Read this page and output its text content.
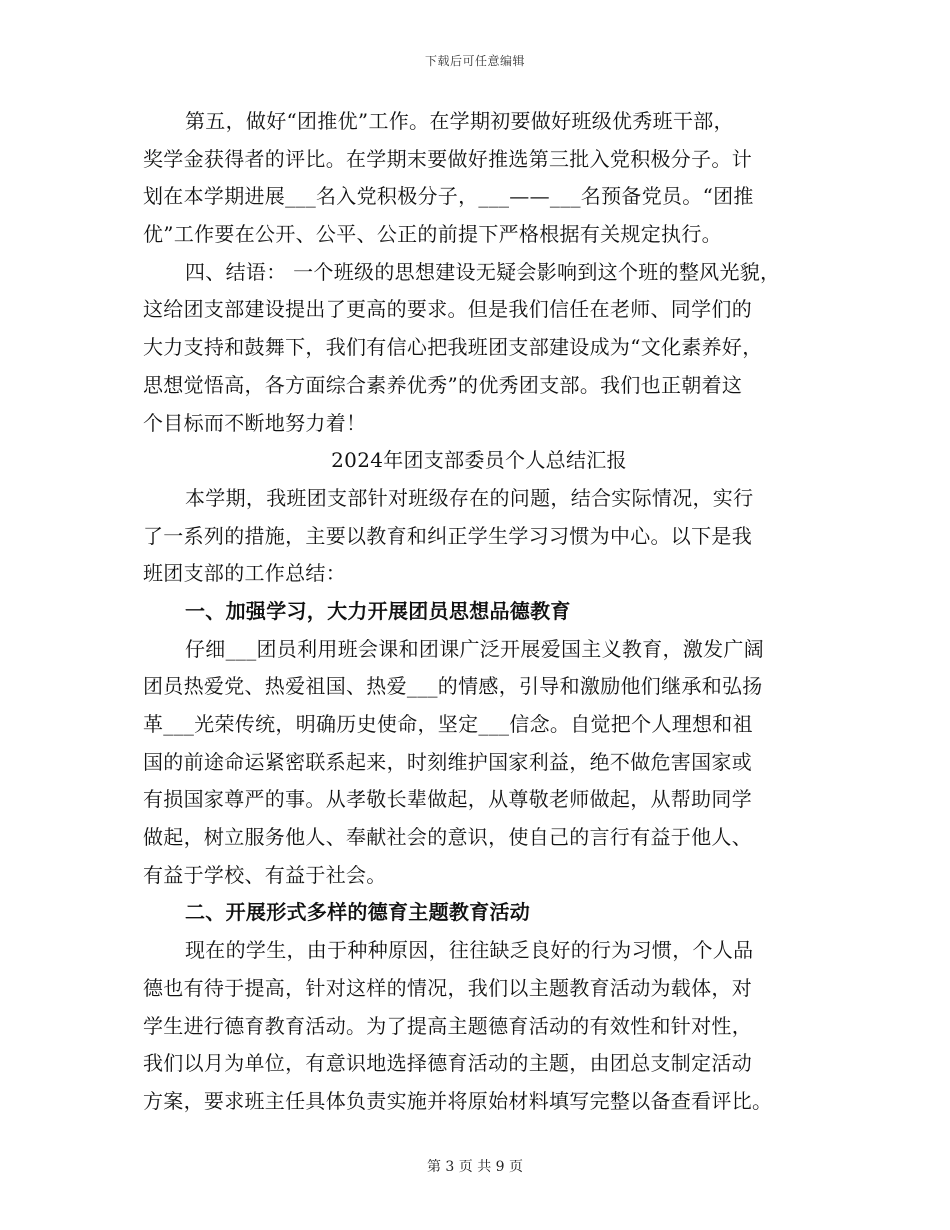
下载后可任意编辑
第五，做好“团推优”工作。在学期初要做好班级优秀班干部，
奖学金获得者的评比。在学期末要做好推选第三批入党积极分子。计
划在本学期进展___名入党积极分子，___——___名预备党员。“团推
优”工作要在公开、公平、公正的前提下严格根据有关规定执行。
四、结语： 一个班级的思想建设无疑会影响到这个班的整风光貌，
这给团支部建设提出了更高的要求。但是我们信任在老师、同学们的
大力支持和鼓舞下，我们有信心把我班团支部建设成为“文化素养好，
思想觉悟高，各方面综合素养优秀”的优秀团支部。我们也正朝着这
个目标而不断地努力着！
2024年团支部委员个人总结汇报
本学期，我班团支部针对班级存在的问题，结合实际情况，实行
了一系列的措施，主要以教育和纠正学生学习习惯为中心。以下是我
班团支部的工作总结：
一、加强学习，大力开展团员思想品德教育
仔细___团员利用班会课和团课广泛开展爱国主义教育，激发广阔
团员热爱党、热爱祖国、热爱___的情感，引导和激励他们继承和弘扬
革___光荣传统，明确历史使命，坚定___信念。自觉把个人理想和祖
国的前途命运紧密联系起来，时刻维护国家利益，绝不做危害国家或
有损国家尊严的事。从孝敬长辈做起，从尊敬老师做起，从帮助同学
做起，树立服务他人、奉献社会的意识，使自己的言行有益于他人、
有益于学校、有益于社会。
二、开展形式多样的德育主题教育活动
现在的学生，由于种种原因，往往缺乏良好的行为习惯，个人品
德也有待于提高，针对这样的情况，我们以主题教育活动为载体，对
学生进行德育教育活动。为了提高主题德育活动的有效性和针对性，
我们以月为单位，有意识地选择德育活动的主题，由团总支制定活动
方案，要求班主任具体负责实施并将原始材料填写完整以备查看评比。
第 3 页 共 9 页
